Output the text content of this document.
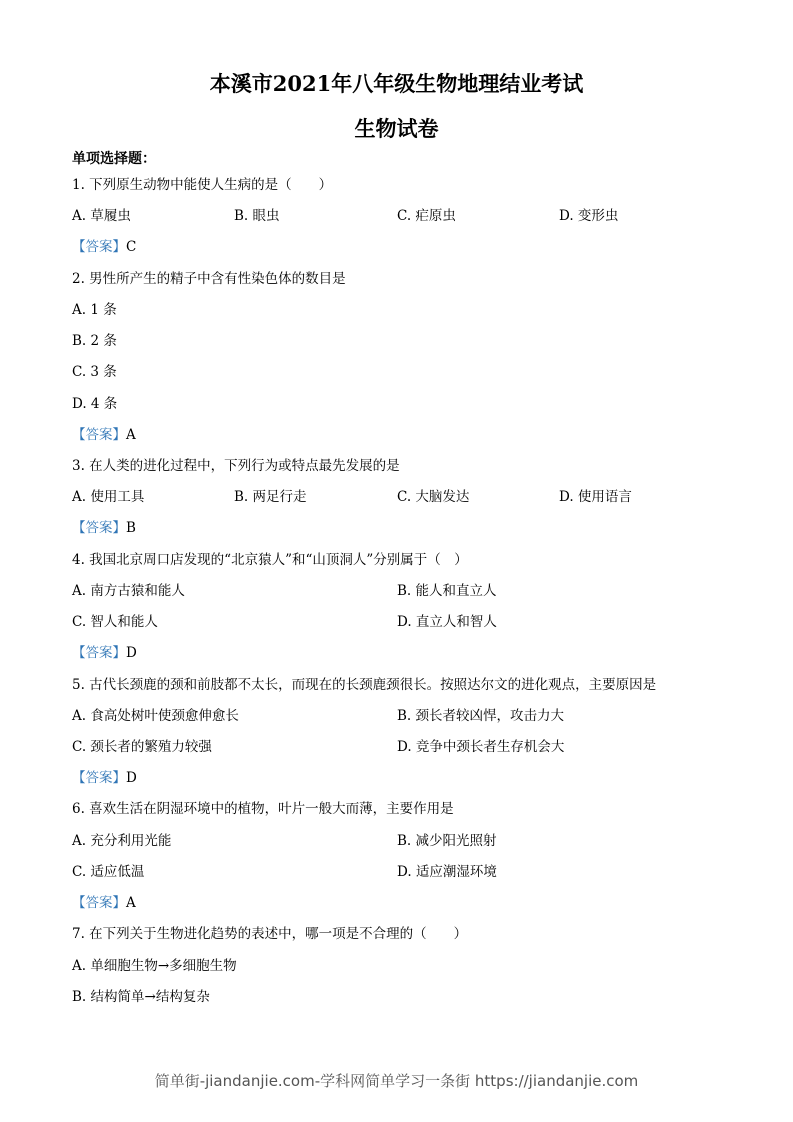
本溪市2021年八年级生物地理结业考试
生物试卷
单项选择题：
1. 下列原生动物中能使人生病的是（　　）
A. 草履虫	B. 眼虫	C. 疟原虫	D. 变形虫
【答案】C
2. 男性所产生的精子中含有性染色体的数目是
A. 1 条
B. 2 条
C. 3 条
D. 4 条
【答案】A
3. 在人类的进化过程中，下列行为或特点最先发展的是
A. 使用工具	B. 两足行走	C. 大脑发达	D. 使用语言
【答案】B
4. 我国北京周口店发现的“北京猿人”和“山顶洞人”分别属于（　）
A. 南方古猿和能人	B. 能人和直立人
C. 智人和能人	D. 直立人和智人
【答案】D
5. 古代长颈鹿的颈和前肢都不太长，而现在的长颈鹿颈很长。按照达尔文的进化观点，主要原因是
A. 食高处树叶使颈愈伸愈长	B. 颈长者较凶悍，攻击力大
C. 颈长者的繁殖力较强	D. 竞争中颈长者生存机会大
【答案】D
6. 喜欢生活在阴湿环境中的植物，叶片一般大而薄，主要作用是
A. 充分利用光能	B. 减少阳光照射
C. 适应低温	D. 适应潮湿环境
【答案】A
7. 在下列关于生物进化趋势的表述中，哪一项是不合理的（　　）
A. 单细胞生物→多细胞生物
B. 结构简单→结构复杂
简单街-jiandanjie.com-学科网简单学习一条街 https://jiandanjie.com
